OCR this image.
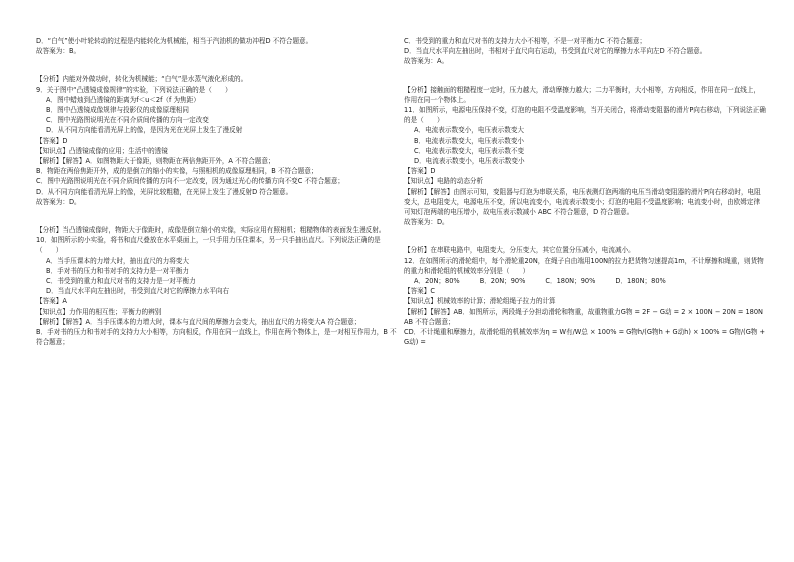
D．“白气”使小叶轮转动的过程是内能转化为机械能，相当于汽油机的做功冲程D 不符合题意。

故答案为：B。

【分析】内能对外做功时，转化为机械能；“白气”是水蒸气液化形成的。

9．关于图中“凸透镜成像规律”的实验，下列说法正确的是（　　）

A．图中蜡烛到凸透镜的距离为f＜u＜2f（f 为焦距）

B．图中凸透镜成像规律与投影仪的成像原理相同

C．图中光路图说明光在不同介质间传播的方向一定改变

D．从不同方向能看清光屏上的像，是因为光在光屏上发生了漫反射

【答案】D

【知识点】凸透镜成像的应用；生活中的透镜

【解析】【解答】A．如图物距大于像距，则物距在两倍焦距开外，A 不符合题意；

B．物距在两倍焦距开外，成的是倒立的缩小的实像，与照相机的成像原理相同，B 不符合题意；

C．图中光路图说明光在不同介质间传播的方向不一定改变，因为通过光心的传播方向不变C 不符合题意；

D．从不同方向能看清光屏上的像，光屏比较粗糙，在光屏上发生了漫反射D 符合题意。

故答案为：D。

【分析】当凸透镜成像时，物距大于像距时，成像是倒立缩小的实像，实际应用有照相机；粗糙物体的表面发生漫反射。

10．如图所示的小实验，将书和直尺叠放在水平桌面上，一只手用力压住课本，另一只手抽出直尺。下列说法正确的是（　　）

A．当手压课本的力增大时，抽出直尺的力将变大

B．手对书的压力和书对手的支持力是一对平衡力

C．书受到的重力和直尺对书的支持力是一对平衡力

D．当直尺水平向左抽出时，书受到直尺对它的摩擦力水平向右

【答案】A

【知识点】力作用的相互性；平衡力的辨别

【解析】【解答】A．当手压课本的力增大时，课本与直尺间的摩擦力会变大，抽出直尺的力将变大A 符合题意；

B．手对书的压力和书对手的支持力大小相等，方向相反，作用在同一直线上，作用在两个物体上，是一对相互作用力，B 不符合题意；

C．书受到的重力和直尺对书的支持力大小不相等，不是一对平衡力C 不符合题意；

D．当直尺水平向左抽出时，书相对于直尺向右运动，书受到直尺对它的摩擦力水平向左D 不符合题意。

故答案为：A。

【分析】接触面的粗糙程度一定时，压力越大，滑动摩擦力越大；二力平衡时，大小相等，方向相反，作用在同一直线上，作用在同一个物体上。

11．如图所示，电源电压保持不变，灯泡的电阻不受温度影响，当开关闭合，将滑动变阻器的滑片P向右移动，下列说法正确的是（　　）

A．电流表示数变小，电压表示数变大

B．电流表示数变大，电压表示数变小

C．电流表示数变大，电压表示数不变

D．电流表示数变小，电压表示数变小

【答案】D

【知识点】电路的动态分析

【解析】【解答】由图示可知，变阻器与灯泡为串联关系，电压表测灯泡两端的电压当滑动变阻器的滑片P向右移动时，电阻变大，总电阻变大，电源电压不变，所以电流变小，电流表示数变小；灯泡的电阻不受温度影响；电流变小时，由欧姆定律可知灯泡两端的电压增小，故电压表示数减小 ABC 不符合题意，D 符合题意。

故答案为：D。

【分析】在串联电路中，电阻变大，分压变大，其它位置分压减小，电流减小。

12．在如图所示的滑轮组中，每个滑轮重20N，在绳子自由端用100N的拉力把货物匀速提高1m，不计摩擦和绳重，则货物的重力和滑轮组的机械效率分别是（　　）

A．20N；80%	B．20N；90%	C．180N；90%	D．180N；80%

【答案】C

【知识点】机械效率的计算；滑轮组绳子拉力的计算

【解析】【解答】AB．如图所示，两段绳子分担动滑轮和物重，故重物重力G物 = 2F − G动 = 2 × 100N − 20N = 180N

AB 不符合题意；

CD．不计绳重和摩擦力，故滑轮组的机械效率为η = W有/W总 × 100% = G物h/(G物h + G动h) × 100% = G物/(G物 + G动) =
